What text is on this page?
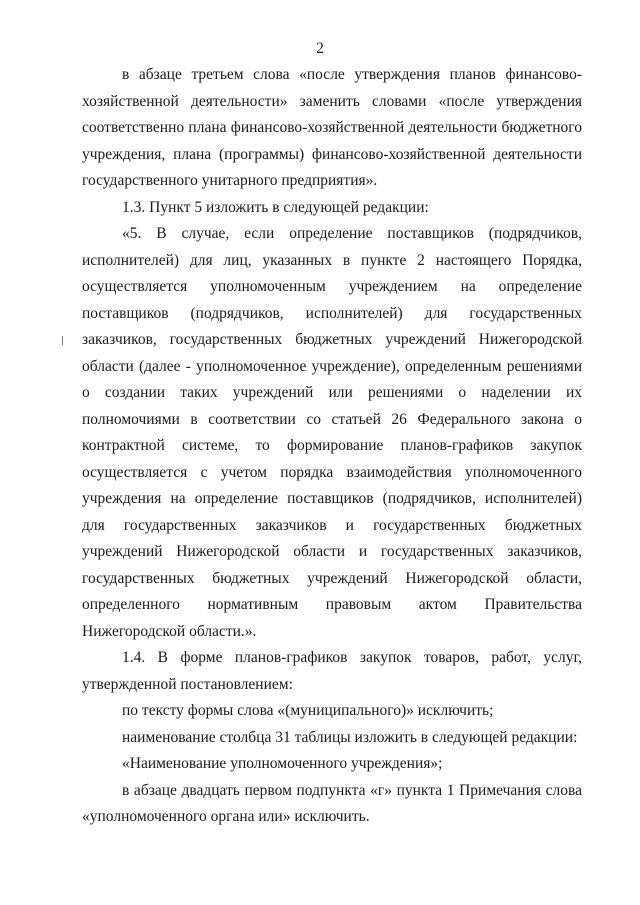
2

в абзаце третьем слова «после утверждения планов финансово-хозяйственной деятельности» заменить словами «после утверждения соответственно плана финансово-хозяйственной деятельности бюджетного учреждения, плана (программы) финансово-хозяйственной деятельности государственного унитарного предприятия».

1.3. Пункт 5 изложить в следующей редакции:

«5. В случае, если определение поставщиков (подрядчиков, исполнителей) для лиц, указанных в пункте 2 настоящего Порядка, осуществляется уполномоченным учреждением на определение поставщиков (подрядчиков, исполнителей) для государственных заказчиков, государственных бюджетных учреждений Нижегородской области (далее - уполномоченное учреждение), определенным решениями о создании таких учреждений или решениями о наделении их полномочиями в соответствии со статьей 26 Федерального закона о контрактной системе, то формирование планов-графиков закупок осуществляется с учетом порядка взаимодействия уполномоченного учреждения на определение поставщиков (подрядчиков, исполнителей) для государственных заказчиков и государственных бюджетных учреждений Нижегородской области и государственных заказчиков, государственных бюджетных учреждений Нижегородской области, определенного нормативным правовым актом Правительства Нижегородской области.».

1.4. В форме планов-графиков закупок товаров, работ, услуг, утвержденной постановлением:

по тексту формы слова «(муниципального)» исключить;

наименование столбца 31 таблицы изложить в следующей редакции:

«Наименование уполномоченного учреждения»;

в абзаце двадцать первом подпункта «г» пункта 1 Примечания слова «уполномоченного органа или» исключить.
